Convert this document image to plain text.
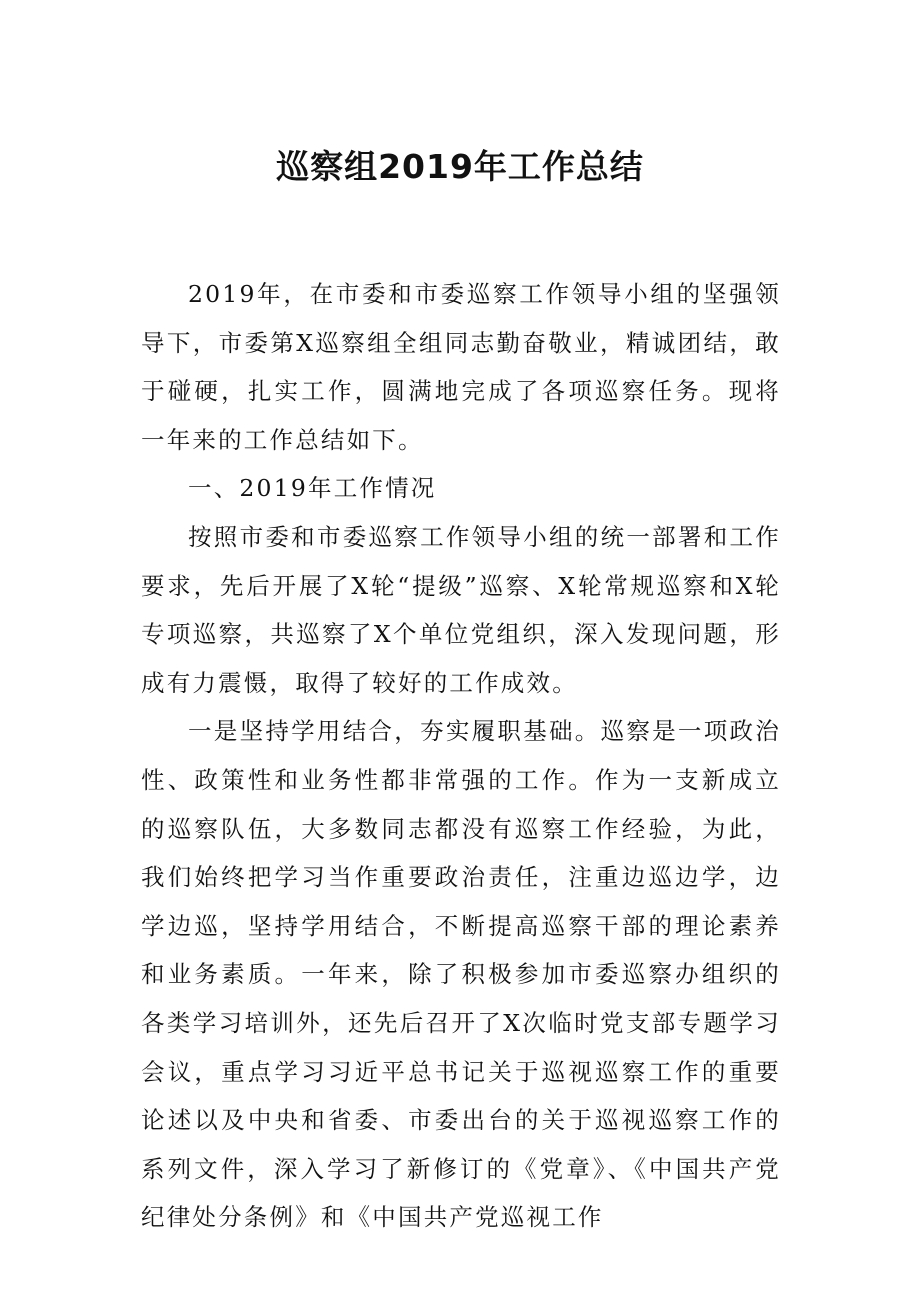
巡察组2019年工作总结

2019年，在市委和市委巡察工作领导小组的坚强领导下，市委第X巡察组全组同志勤奋敬业，精诚团结，敢于碰硬，扎实工作，圆满地完成了各项巡察任务。现将一年来的工作总结如下。

一、2019年工作情况

按照市委和市委巡察工作领导小组的统一部署和工作要求，先后开展了X轮“提级”巡察、X轮常规巡察和X轮专项巡察，共巡察了X个单位党组织，深入发现问题，形成有力震慑，取得了较好的工作成效。

一是坚持学用结合，夯实履职基础。巡察是一项政治性、政策性和业务性都非常强的工作。作为一支新成立的巡察队伍，大多数同志都没有巡察工作经验，为此，我们始终把学习当作重要政治责任，注重边巡边学，边学边巡，坚持学用结合，不断提高巡察干部的理论素养和业务素质。一年来，除了积极参加市委巡察办组织的各类学习培训外，还先后召开了X次临时党支部专题学习会议，重点学习习近平总书记关于巡视巡察工作的重要论述以及中央和省委、市委出台的关于巡视巡察工作的系列文件，深入学习了新修订的《党章》、《中国共产党纪律处分条例》和《中国共产党巡视工作
